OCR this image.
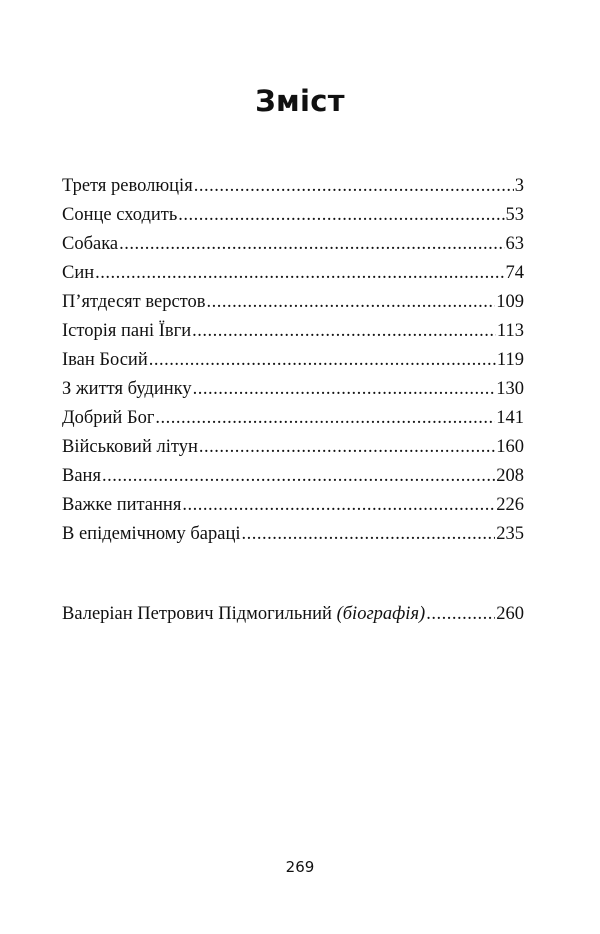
Зміст
Третя революція .....	3
Сонце сходить .....	53
Собака .....	63
Син .....	74
П’ятдесят верстов .....	109
Історія пані Ївги .....	113
Іван Босий .....	119
З життя будинку .....	130
Добрий Бог .....	141
Військовий літун .....	160
Ваня .....	208
Важке питання .....	226
В епідемічному бараці .....	235
Валеріан Петрович Підмогильний (біографія) .....	260
269
